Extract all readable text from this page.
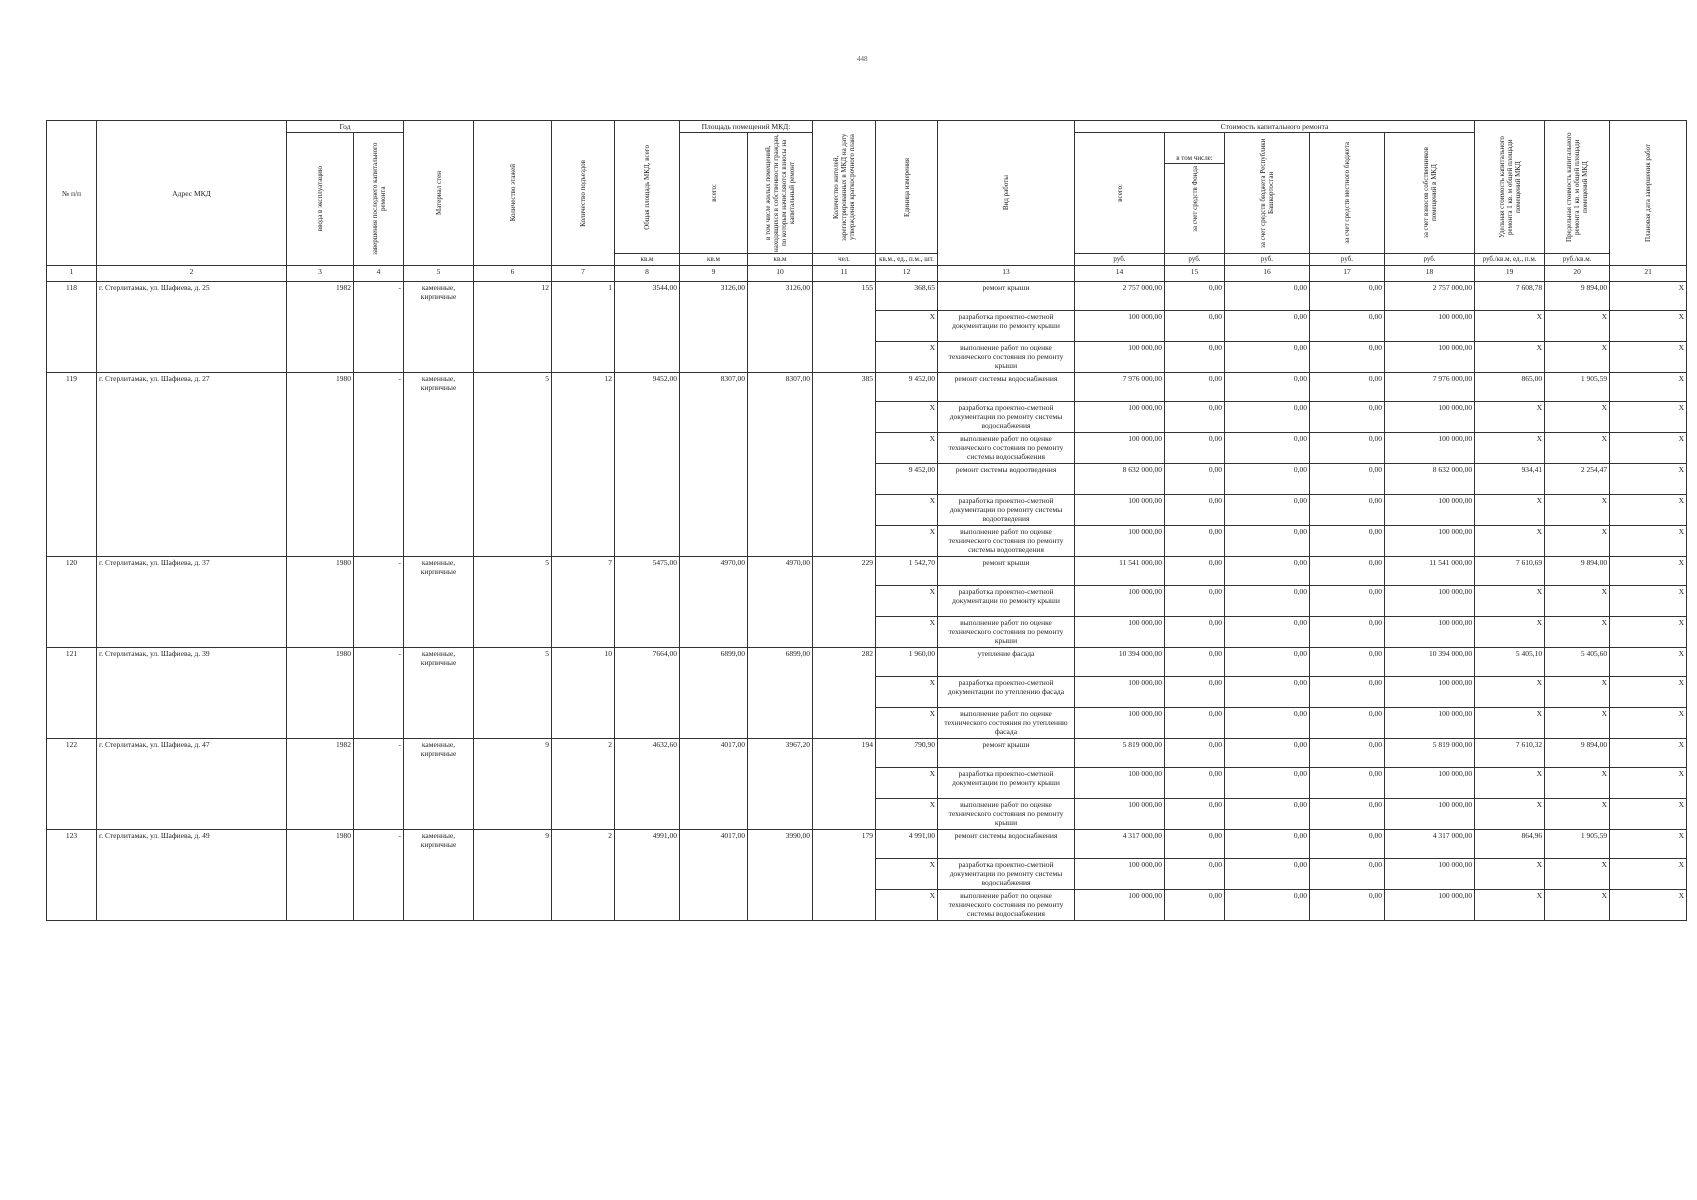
448
№ п/п	Адрес МКД	Год		Материал стен	Количество этажей	Количество подъездов	Общая площадь МКД, всего	Площадь помещений МКД:		Количество жителей, зарегистрированных в МКД на дату утверждения краткосрочного плана	Единица измерения	Вид работы	Стоимость капитального ремонта					Удельная стоимость капитального ремонта 1 кв. м общей площади помещений МКД	Предельная стоимость капитального ремонта 1 кв. м общей площади помещений МКД	Плановая дата завершения работ

		ввода в эксплуатацию	завершения последнего капитального ремонта					всего:	в том числе жилых помещений, находящихся в собственности граждан, по которым начисляются взносы на капитальный ремонт				всего:	в том числе:
за счет средств Фонда	за счет средств бюджета Республики Башкортостан	за счет средств местного бюджета	за счет взносов собственников помещений в МКД			

							кв.м	кв.м	кв.м	чел.	кв.м., ед., п.м., шт.		руб.	руб.	руб.	руб.	руб.	руб./кв.м, ед., п.м.	руб./кв.м.	
1	2	3	4	5	6	7	8	9	10	11	12	13	14	15	16	17	18	19	20	21
118	г. Стерлитамак, ул. Шафиева, д. 25	1982	-	каменные, кирпичные	12	1	3544,00	3126,00	3126,00	155	368,65	ремонт крыши	2 757 000,00	0,00	0,00	0,00	2 757 000,00	7 608,78	9 894,00	X
											X	разработка проектно-сметной документации по ремонту крыши	100 000,00	0,00	0,00	0,00	100 000,00	X	X	X
											X	выполнение работ по оценке технического состояния по ремонту крыши	100 000,00	0,00	0,00	0,00	100 000,00	X	X	X
119	г. Стерлитамак, ул. Шафиева, д. 27	1980	-	каменные, кирпичные	5	12	9452,00	8307,00	8307,00	385	9 452,00	ремонт системы водоснабжения	7 976 000,00	0,00	0,00	0,00	7 976 000,00	865,00	1 905,59	X
											X	разработка проектно-сметной документации по ремонту системы водоснабжения	100 000,00	0,00	0,00	0,00	100 000,00	X	X	X
											X	выполнение работ по оценке технического состояния по ремонту системы водоснабжения	100 000,00	0,00	0,00	0,00	100 000,00	X	X	X
											9 452,00	ремонт системы водоотведения	8 632 000,00	0,00	0,00	0,00	8 632 000,00	934,41	2 254,47	X
											X	разработка проектно-сметной документации по ремонту системы водоотведения	100 000,00	0,00	0,00	0,00	100 000,00	X	X	X
											X	выполнение работ по оценке технического состояния по ремонту системы водоотведения	100 000,00	0,00	0,00	0,00	100 000,00	X	X	X
120	г. Стерлитамак, ул. Шафиева, д. 37	1980	-	каменные, кирпичные	5	7	5475,00	4970,00	4970,00	229	1 542,70	ремонт крыши	11 541 000,00	0,00	0,00	0,00	11 541 000,00	7 610,69	9 894,00	X
											X	разработка проектно-сметной документации по ремонту крыши	100 000,00	0,00	0,00	0,00	100 000,00	X	X	X
											X	выполнение работ по оценке технического состояния по ремонту крыши	100 000,00	0,00	0,00	0,00	100 000,00	X	X	X
121	г. Стерлитамак, ул. Шафиева, д. 39	1980	-	каменные, кирпичные	5	10	7664,00	6899,00	6899,00	282	1 960,00	утепление фасада	10 394 000,00	0,00	0,00	0,00	10 394 000,00	5 405,10	5 405,60	X
											X	разработка проектно-сметной документации по утеплению фасада	100 000,00	0,00	0,00	0,00	100 000,00	X	X	X
											X	выполнение работ по оценке технического состояния по утеплению фасада	100 000,00	0,00	0,00	0,00	100 000,00	X	X	X
122	г. Стерлитамак, ул. Шафиева, д. 47	1982	-	каменные, кирпичные	9	2	4632,60	4017,00	3967,20	194	790,90	ремонт крыши	5 819 000,00	0,00	0,00	0,00	5 819 000,00	7 610,32	9 894,00	X
											X	разработка проектно-сметной документации по ремонту крыши	100 000,00	0,00	0,00	0,00	100 000,00	X	X	X
											X	выполнение работ по оценке технического состояния по ремонту крыши	100 000,00	0,00	0,00	0,00	100 000,00	X	X	X
123	г. Стерлитамак, ул. Шафиева, д. 49	1980	-	каменные, кирпичные	9	2	4991,00	4017,00	3990,00	179	4 991,00	ремонт системы водоснабжения	4 317 000,00	0,00	0,00	0,00	4 317 000,00	864,96	1 905,59	X
											X	разработка проектно-сметной документации по ремонту системы водоснабжения	100 000,00	0,00	0,00	0,00	100 000,00	X	X	X
											X	выполнение работ по оценке технического состояния по ремонту системы водоснабжения	100 000,00	0,00	0,00	0,00	100 000,00	X	X	X
